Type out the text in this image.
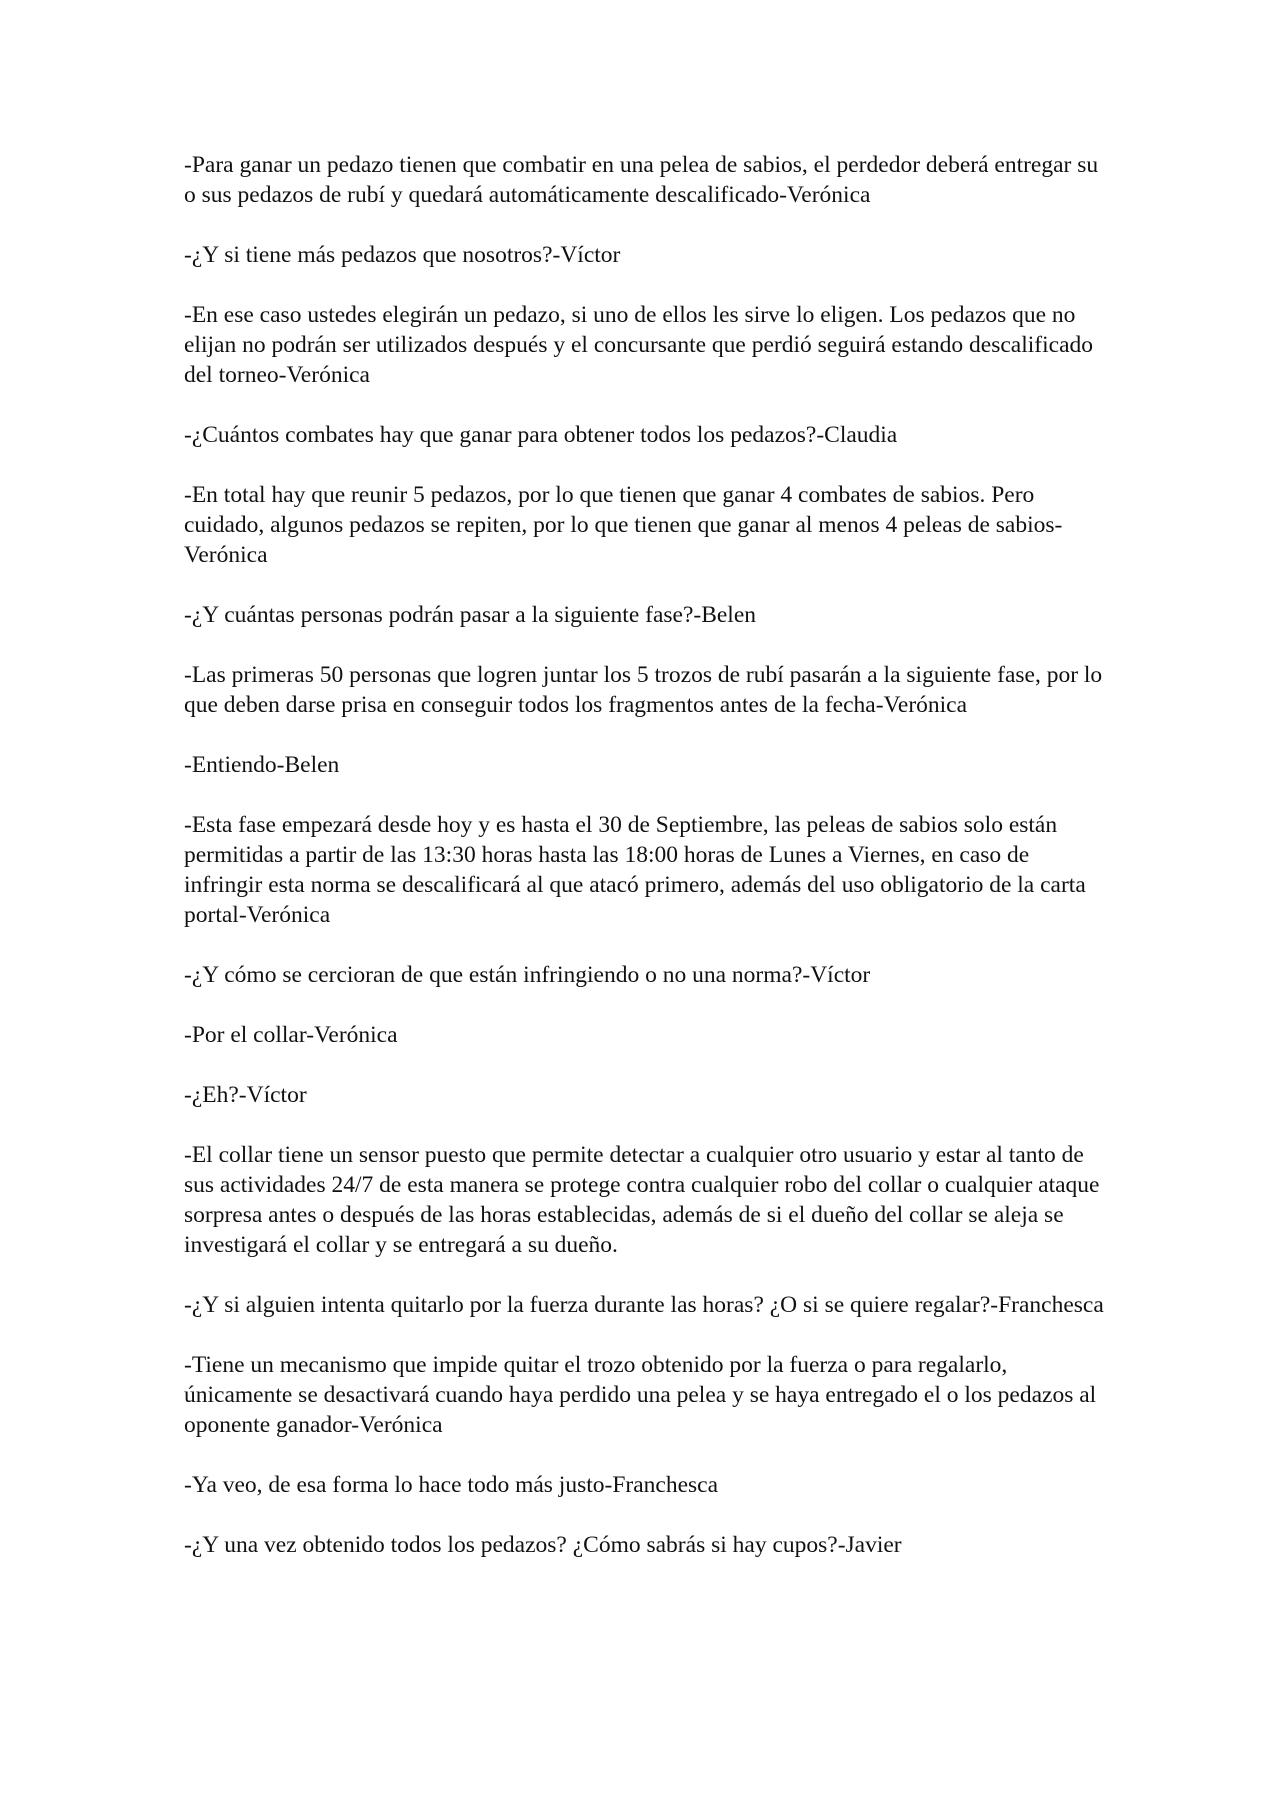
-Para ganar un pedazo tienen que combatir en una pelea de sabios, el perdedor deberá entregar su o sus pedazos de rubí y quedará automáticamente descalificado-Verónica

-¿Y si tiene más pedazos que nosotros?-Víctor

-En ese caso ustedes elegirán un pedazo, si uno de ellos les sirve lo eligen. Los pedazos que no elijan no podrán ser utilizados después y el concursante que perdió seguirá estando descalificado del torneo-Verónica

-¿Cuántos combates hay que ganar para obtener todos los pedazos?-Claudia

-En total hay que reunir 5 pedazos, por lo que tienen que ganar 4 combates de sabios. Pero cuidado, algunos pedazos se repiten, por lo que tienen que ganar al menos 4 peleas de sabios-Verónica

-¿Y cuántas personas podrán pasar a la siguiente fase?-Belen

-Las primeras 50 personas que logren juntar los 5 trozos de rubí pasarán a la siguiente fase, por lo que deben darse prisa en conseguir todos los fragmentos antes de la fecha-Verónica

-Entiendo-Belen

-Esta fase empezará desde hoy y es hasta el 30 de Septiembre, las peleas de sabios solo están permitidas a partir de las 13:30 horas hasta las 18:00 horas de Lunes a Viernes, en caso de infringir esta norma se descalificará al que atacó primero, además del uso obligatorio de la carta portal-Verónica

-¿Y cómo se cercioran de que están infringiendo o no una norma?-Víctor

-Por el collar-Verónica

-¿Eh?-Víctor

-El collar tiene un sensor puesto que permite detectar a cualquier otro usuario y estar al tanto de sus actividades 24/7 de esta manera se protege contra cualquier robo del collar o cualquier ataque sorpresa antes o después de las horas establecidas, además de si el dueño del collar se aleja se investigará el collar y se entregará a su dueño.

-¿Y si alguien intenta quitarlo por la fuerza durante las horas? ¿O si se quiere regalar?-Franchesca

-Tiene un mecanismo que impide quitar el trozo obtenido por la fuerza o para regalarlo, únicamente se desactivará cuando haya perdido una pelea y se haya entregado el o los pedazos al oponente ganador-Verónica

-Ya veo, de esa forma lo hace todo más justo-Franchesca

-¿Y una vez obtenido todos los pedazos? ¿Cómo sabrás si hay cupos?-Javier
